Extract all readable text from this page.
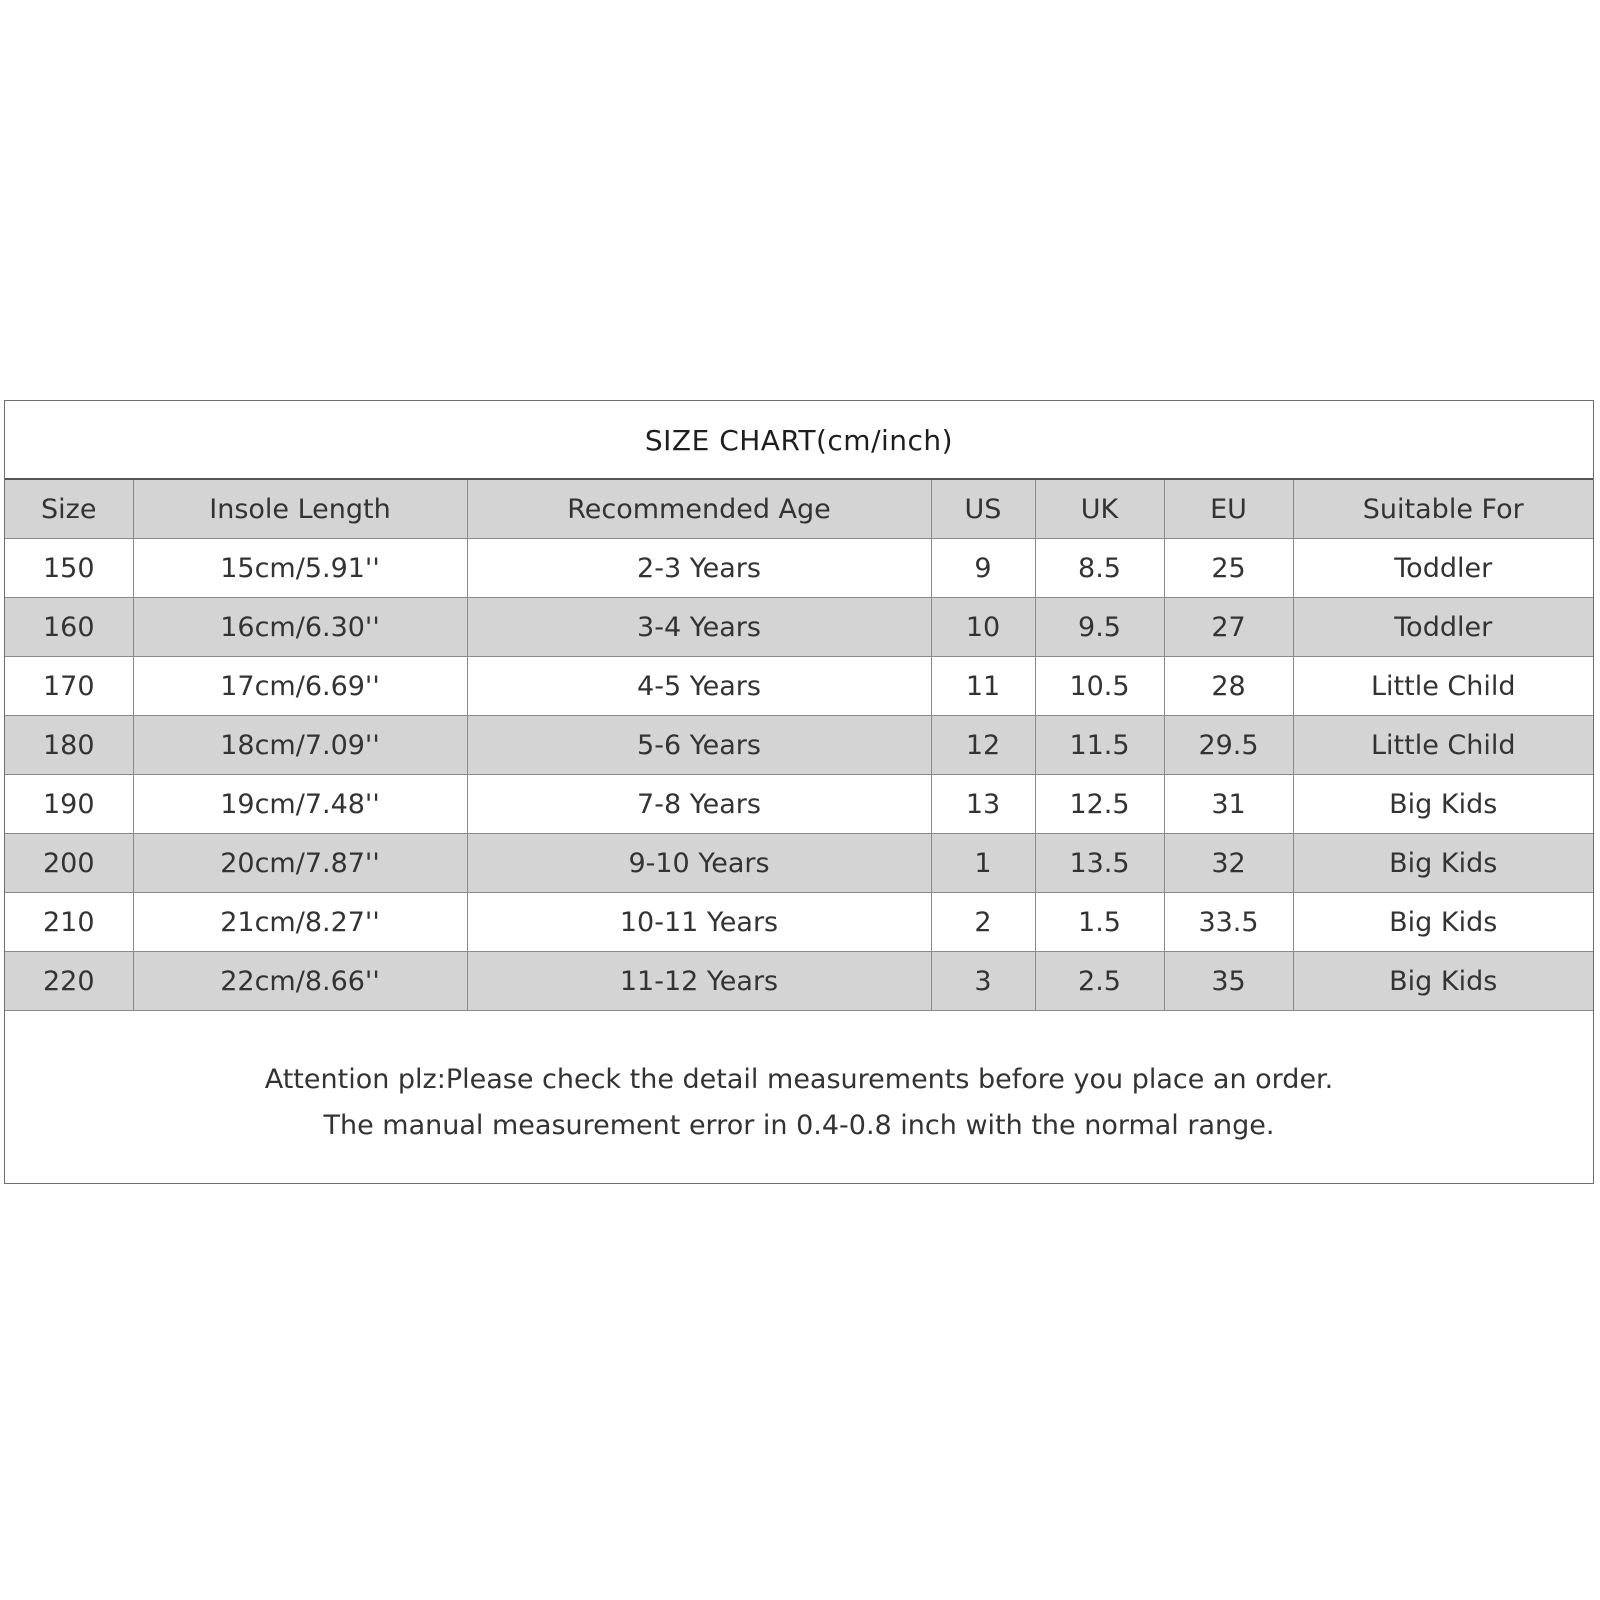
SIZE CHART(cm/inch)
Size	Insole Length	Recommended Age	US	UK	EU	Suitable For
150	15cm/5.91''	2-3 Years	9	8.5	25	Toddler
160	16cm/6.30''	3-4 Years	10	9.5	27	Toddler
170	17cm/6.69''	4-5 Years	11	10.5	28	Little Child
180	18cm/7.09''	5-6 Years	12	11.5	29.5	Little Child
190	19cm/7.48''	7-8 Years	13	12.5	31	Big Kids
200	20cm/7.87''	9-10 Years	1	13.5	32	Big Kids
210	21cm/8.27''	10-11 Years	2	1.5	33.5	Big Kids
220	22cm/8.66''	11-12 Years	3	2.5	35	Big Kids
Attention plz:Please check the detail measurements before you place an order.
The manual measurement error in 0.4-0.8 inch with the normal range.
